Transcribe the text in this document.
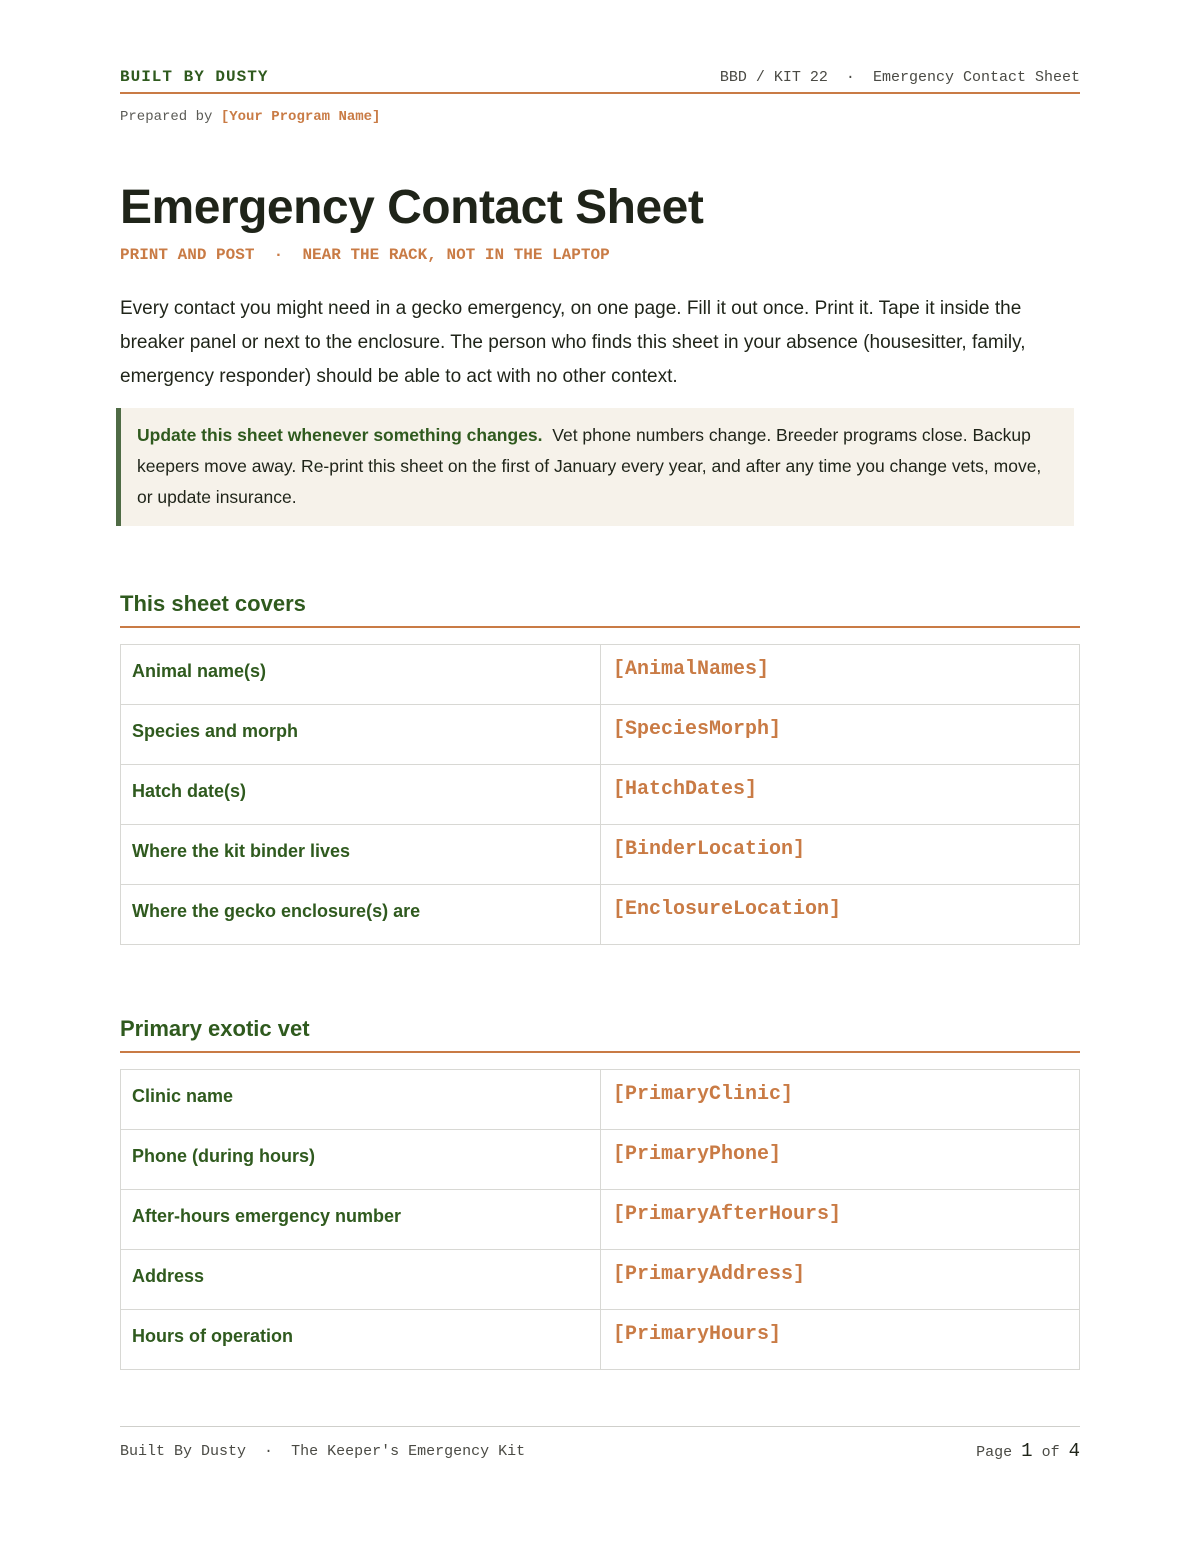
BUILT BY DUSTY	BBD / KIT 22 · Emergency Contact Sheet
Prepared by [Your Program Name]
Emergency Contact Sheet
PRINT AND POST · NEAR THE RACK, NOT IN THE LAPTOP

Every contact you might need in a gecko emergency, on one page. Fill it out once. Print it. Tape it inside the breaker panel or next to the enclosure. The person who finds this sheet in your absence (housesitter, family, emergency responder) should be able to act with no other context.

Update this sheet whenever something changes. Vet phone numbers change. Breeder programs close. Backup keepers move away. Re-print this sheet on the first of January every year, and after any time you change vets, move, or update insurance.
This sheet covers
Animal name(s)	[AnimalNames]
Species and morph	[SpeciesMorph]
Hatch date(s)	[HatchDates]
Where the kit binder lives	[BinderLocation]
Where the gecko enclosure(s) are	[EnclosureLocation]
Primary exotic vet
Clinic name	[PrimaryClinic]
Phone (during hours)	[PrimaryPhone]
After-hours emergency number	[PrimaryAfterHours]
Address	[PrimaryAddress]
Hours of operation	[PrimaryHours]
Built By Dusty · The Keeper's Emergency Kit	Page 1 of 4
